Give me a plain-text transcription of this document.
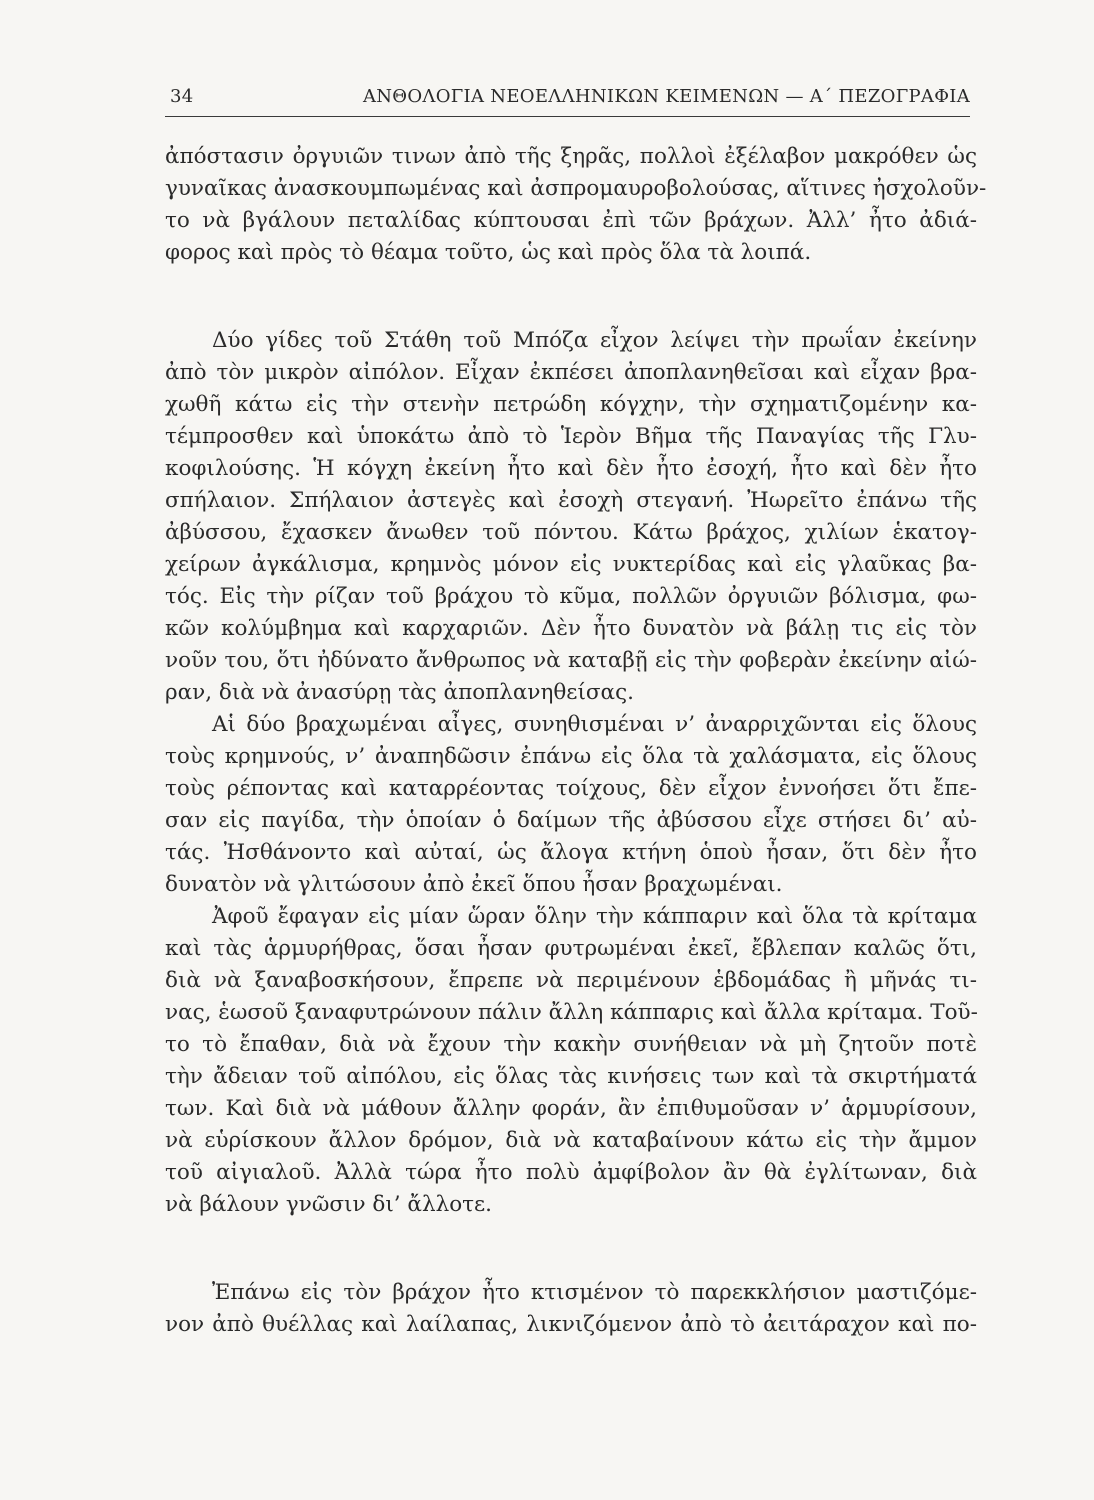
34	ΑΝΘΟΛΟΓΙΑ ΝΕΟΕΛΛΗΝΙΚΩΝ ΚΕΙΜΕΝΩΝ — Α΄ ΠΕΖΟΓΡΑΦΙΑ
ἀπόστασιν ὀργυιῶν τινων ἀπὸ τῆς ξηρᾶς, πολλοὶ ἐξέλαβον μακρόθεν ὡς
γυναῖκας ἀνασκουμπωμένας καὶ ἀσπρομαυροβολούσας, αἵτινες ἠσχολοῦν-
το νὰ βγάλουν πεταλίδας κύπτουσαι ἐπὶ τῶν βράχων. Ἀλλ’ ἦτο ἀδιά-
φορος καὶ πρὸς τὸ θέαμα τοῦτο, ὡς καὶ πρὸς ὅλα τὰ λοιπά.
Δύο γίδες τοῦ Στάθη τοῦ Μπόζα εἶχον λείψει τὴν πρωΐαν ἐκείνην
ἀπὸ τὸν μικρὸν αἰπόλον. Εἶχαν ἐκπέσει ἀποπλανηθεῖσαι καὶ εἶχαν βρα-
χωθῆ κάτω εἰς τὴν στενὴν πετρώδη κόγχην, τὴν σχηματιζομένην κα-
τέμπροσθεν καὶ ὑποκάτω ἀπὸ τὸ Ἱερὸν Βῆμα τῆς Παναγίας τῆς Γλυ-
κοφιλούσης. Ἡ κόγχη ἐκείνη ἦτο καὶ δὲν ἦτο ἐσοχή, ἦτο καὶ δὲν ἦτο
σπήλαιον. Σπήλαιον ἀστεγὲς καὶ ἐσοχὴ στεγανή. Ἠωρεῖτο ἐπάνω τῆς
ἀβύσσου, ἔχασκεν ἄνωθεν τοῦ πόντου. Κάτω βράχος, χιλίων ἑκατογ-
χείρων ἀγκάλισμα, κρημνὸς μόνον εἰς νυκτερίδας καὶ εἰς γλαῦκας βα-
τός. Εἰς τὴν ρίζαν τοῦ βράχου τὸ κῦμα, πολλῶν ὀργυιῶν βόλισμα, φω-
κῶν κολύμβημα καὶ καρχαριῶν. Δὲν ἦτο δυνατὸν νὰ βάλῃ τις εἰς τὸν
νοῦν του, ὅτι ἠδύνατο ἄνθρωπος νὰ καταβῇ εἰς τὴν φοβερὰν ἐκείνην αἰώ-
ραν, διὰ νὰ ἀνασύρῃ τὰς ἀποπλανηθείσας.
Αἱ δύο βραχωμέναι αἶγες, συνηθισμέναι ν’ ἀναρριχῶνται εἰς ὅλους
τοὺς κρημνούς, ν’ ἀναπηδῶσιν ἐπάνω εἰς ὅλα τὰ χαλάσματα, εἰς ὅλους
τοὺς ρέποντας καὶ καταρρέοντας τοίχους, δὲν εἶχον ἐννοήσει ὅτι ἔπε-
σαν εἰς παγίδα, τὴν ὁποίαν ὁ δαίμων τῆς ἀβύσσου εἶχε στήσει δι’ αὐ-
τάς. Ἠσθάνοντο καὶ αὐταί, ὡς ἄλογα κτήνη ὁποὺ ἦσαν, ὅτι δὲν ἦτο
δυνατὸν νὰ γλιτώσουν ἀπὸ ἐκεῖ ὅπου ἦσαν βραχωμέναι.
Ἀφοῦ ἔφαγαν εἰς μίαν ὥραν ὅλην τὴν κάππαριν καὶ ὅλα τὰ κρίταμα
καὶ τὰς ἁρμυρήθρας, ὅσαι ἦσαν φυτρωμέναι ἐκεῖ, ἔβλεπαν καλῶς ὅτι,
διὰ νὰ ξαναβοσκήσουν, ἔπρεπε νὰ περιμένουν ἑβδομάδας ἢ μῆνάς τι-
νας, ἑωσοῦ ξαναφυτρώνουν πάλιν ἄλλη κάππαρις καὶ ἄλλα κρίταμα. Τοῦ-
το τὸ ἔπαθαν, διὰ νὰ ἔχουν τὴν κακὴν συνήθειαν νὰ μὴ ζητοῦν ποτὲ
τὴν ἄδειαν τοῦ αἰπόλου, εἰς ὅλας τὰς κινήσεις των καὶ τὰ σκιρτήματά
των. Καὶ διὰ νὰ μάθουν ἄλλην φοράν, ἂν ἐπιθυμοῦσαν ν’ ἁρμυρίσουν,
νὰ εὑρίσκουν ἄλλον δρόμον, διὰ νὰ καταβαίνουν κάτω εἰς τὴν ἄμμον
τοῦ αἰγιαλοῦ. Ἀλλὰ τώρα ἦτο πολὺ ἀμφίβολον ἂν θὰ ἐγλίτωναν, διὰ
νὰ βάλουν γνῶσιν δι’ ἄλλοτε.
Ἐπάνω εἰς τὸν βράχον ἦτο κτισμένον τὸ παρεκκλήσιον μαστιζόμε-
νον ἀπὸ θυέλλας καὶ λαίλαπας, λικνιζόμενον ἀπὸ τὸ ἀειτάραχον καὶ πο-
